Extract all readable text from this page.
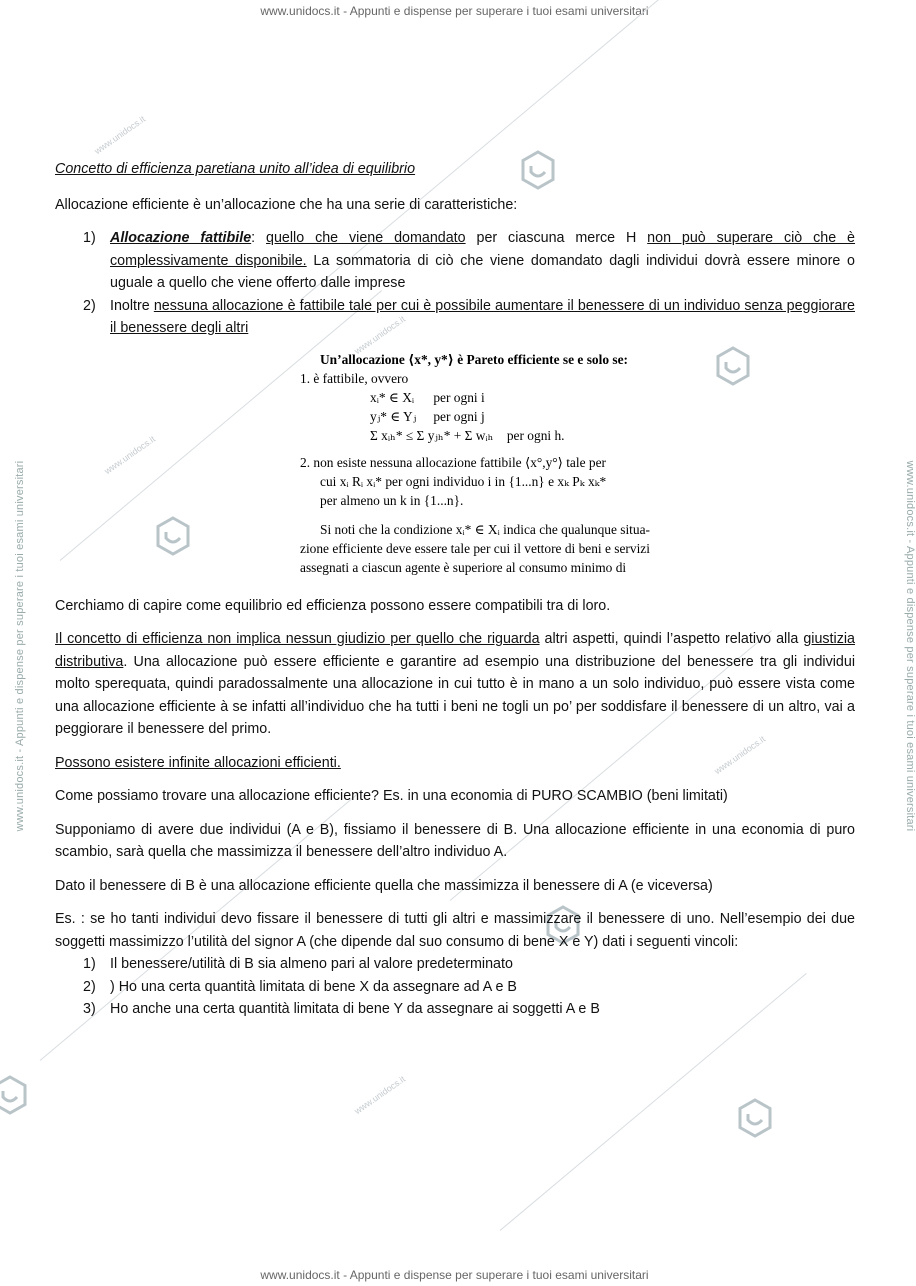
www.unidocs.it - Appunti e dispense per superare i tuoi esami universitari
www.unidocs.it - Appunti e dispense per superare i tuoi esami universitari
www.unidocs.it - Appunti e dispense per superare i tuoi esami universitari	www.unidocs.it - Appunti e dispense per superare i tuoi esami universitari
www.unidocs.it
www.unidocs.it
www.unidocs.it
www.unidocs.it
www.unidocs.it

Concetto di efficienza paretiana unito all’idea di equilibrio

Allocazione efficiente è un’allocazione che ha una serie di caratteristiche:

1) Allocazione fattibile: quello che viene domandato per ciascuna merce H non può superare ciò che è complessivamente disponibile. La sommatoria di ciò che viene domandato dagli individui dovrà essere minore o uguale a quello che viene offerto dalle imprese
2) Inoltre nessuna allocazione è fattibile tale per cui è possibile aumentare il benessere di un individuo senza peggiorare il benessere degli altri
Un’allocazione ⟨x*, y*⟩ è Pareto efficiente se e solo se:
1. è fattibile, ovvero
xᵢ* ∈ Xᵢ per ogni i
yⱼ* ∈ Yⱼ per ogni j
Σ xᵢₕ* ≤ Σ yⱼₕ* + Σ wᵢₕ per ogni h.
2. non esiste nessuna allocazione fattibile ⟨x°,y°⟩ tale per
cui xᵢ Rᵢ xᵢ* per ogni individuo i in {1...n} e xₖ Pₖ xₖ*
per almeno un k in {1...n}.
Si noti che la condizione xᵢ* ∈ Xᵢ indica che qualunque situa-
zione efficiente deve essere tale per cui il vettore di beni e servizi
assegnati a ciascun agente è superiore al consumo minimo di

Cerchiamo di capire come equilibrio ed efficienza possono essere compatibili tra di loro.

Il concetto di efficienza non implica nessun giudizio per quello che riguarda altri aspetti, quindi l’aspetto relativo alla giustizia distributiva. Una allocazione può essere efficiente e garantire ad esempio una distribuzione del benessere tra gli individui molto sperequata, quindi paradossalmente una allocazione in cui tutto è in mano a un solo individuo, può essere vista come una allocazione efficiente à se infatti all’individuo che ha tutti i beni ne togli un po’ per soddisfare il benessere di un altro, vai a peggiorare il benessere del primo.

Possono esistere infinite allocazioni efficienti.

Come possiamo trovare una allocazione efficiente? Es. in una economia di PURO SCAMBIO (beni limitati)

Supponiamo di avere due individui (A e B), fissiamo il benessere di B. Una allocazione efficiente in una economia di puro scambio, sarà quella che massimizza il benessere dell’altro individuo A.

Dato il benessere di B è una allocazione efficiente quella che massimizza il benessere di A (e viceversa)

Es. : se ho tanti individui devo fissare il benessere di tutti gli altri e massimizzare il benessere di uno. Nell’esempio dei due soggetti massimizzo l’utilità del signor A (che dipende dal suo consumo di bene X e Y) dati i seguenti vincoli:

1) Il benessere/utilità di B sia almeno pari al valore predeterminato
2) ) Ho una certa quantità limitata di bene X da assegnare ad A e B
3) Ho anche una certa quantità limitata di bene Y da assegnare ai soggetti A e B
